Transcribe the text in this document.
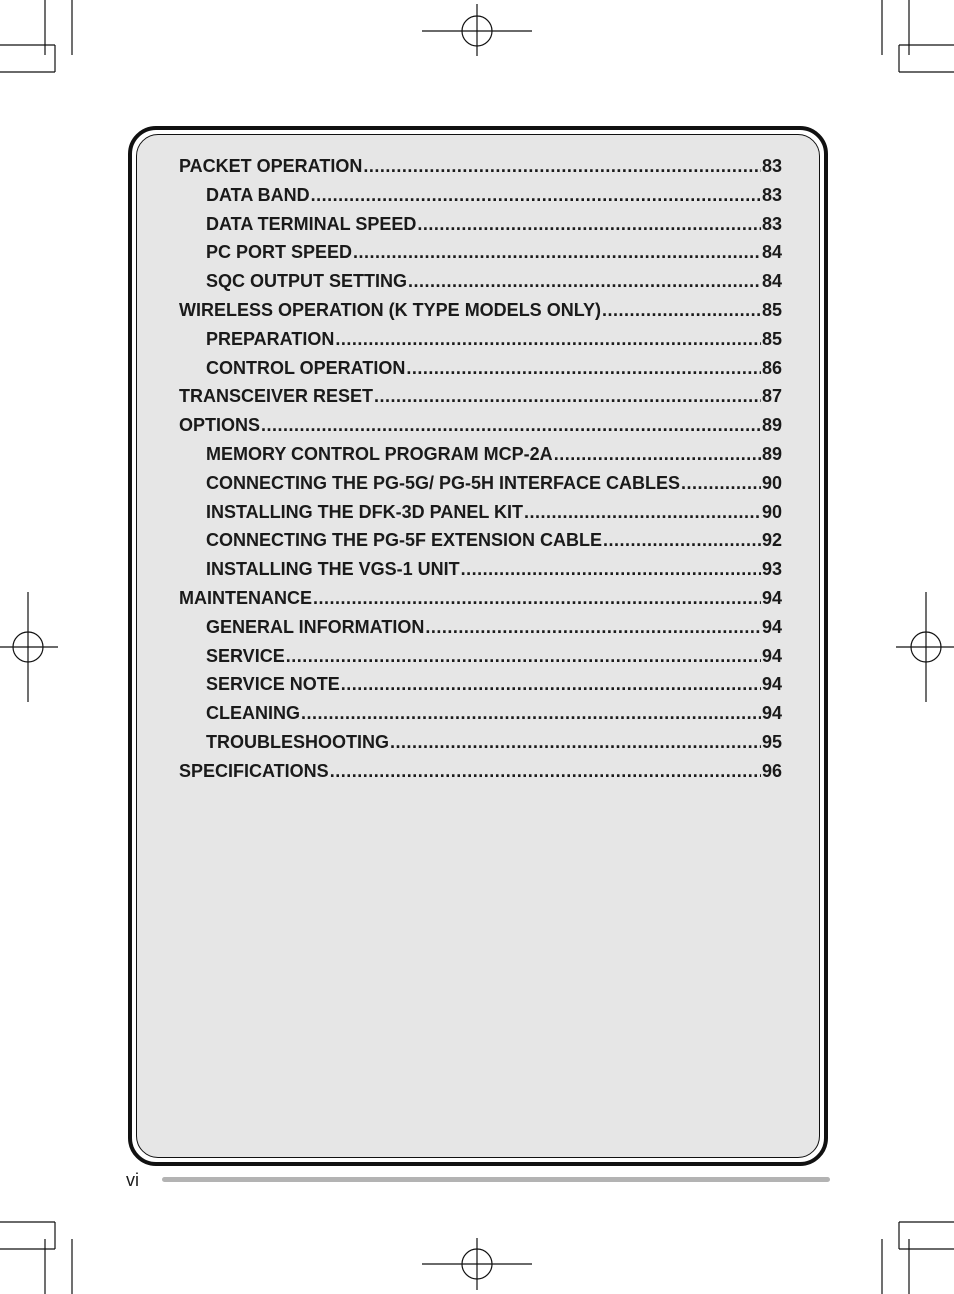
PACKET OPERATION .....	83
DATA BAND .....	83
DATA TERMINAL SPEED .....	83
PC PORT SPEED .....	84
SQC OUTPUT SETTING .....	84
WIRELESS OPERATION (K TYPE MODELS ONLY) .....	85
PREPARATION .....	85
CONTROL OPERATION .....	86
TRANSCEIVER RESET .....	87
OPTIONS .....	89
MEMORY CONTROL PROGRAM MCP-2A .....	89
CONNECTING THE PG-5G/ PG-5H INTERFACE CABLES .....	90
INSTALLING THE DFK-3D PANEL KIT .....	90
CONNECTING THE PG-5F EXTENSION CABLE .....	92
INSTALLING THE VGS-1 UNIT .....	93
MAINTENANCE .....	94
GENERAL INFORMATION .....	94
SERVICE .....	94
SERVICE NOTE .....	94
CLEANING .....	94
TROUBLESHOOTING .....	95
SPECIFICATIONS .....	96
vi
